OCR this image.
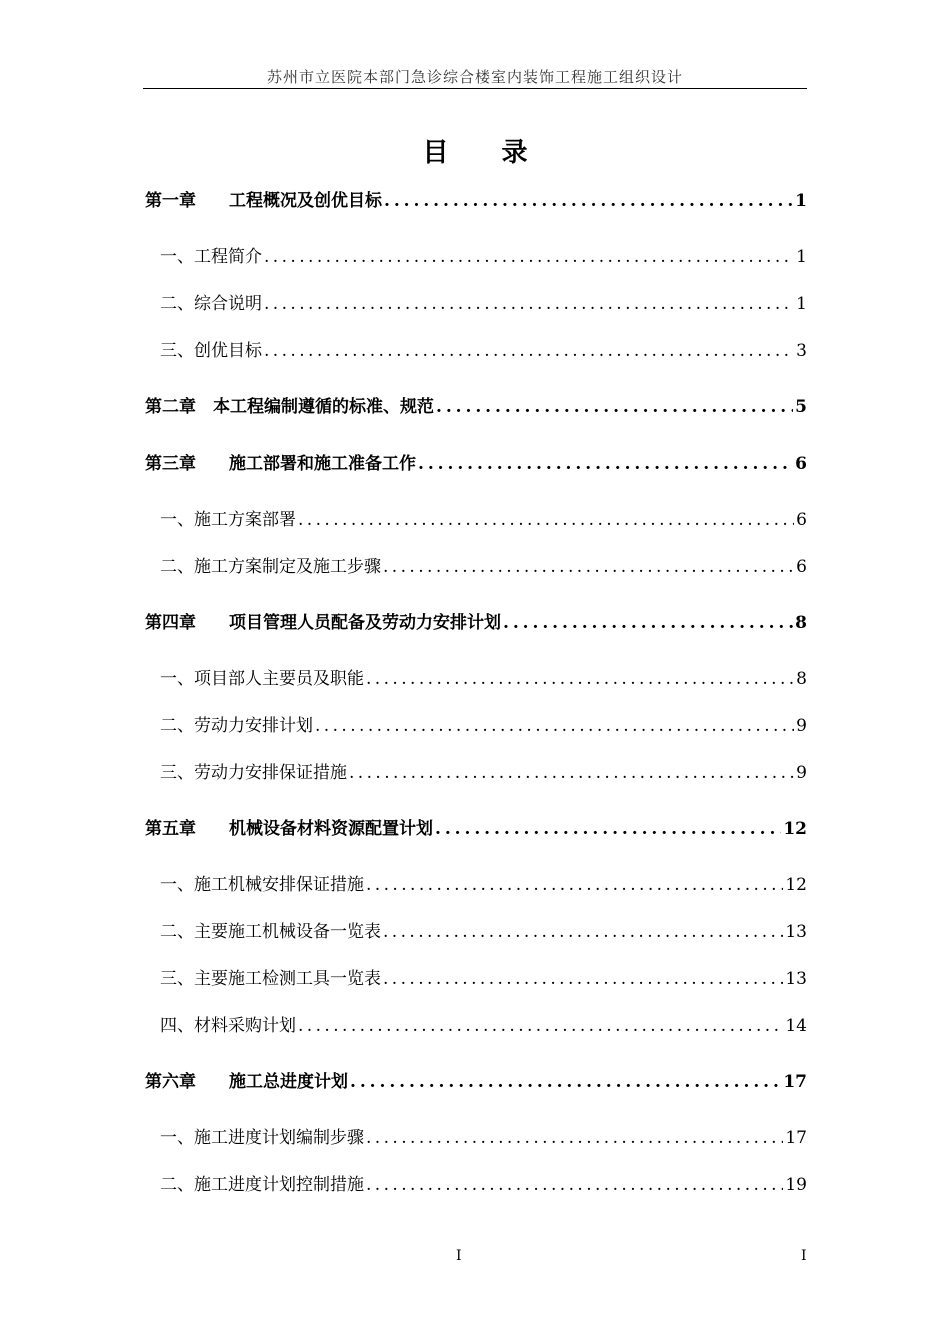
苏州市立医院本部门急诊综合楼室内装饰工程施工组织设计
目 录
第一章 工程概况及创优目标 . . .	1
一、工程简介 . . .	1
二、综合说明 . . .	1
三、创优目标 . . .	3
第二章 本工程编制遵循的标准、规范 . . .	5
第三章 施工部署和施工准备工作 . . .	6
一、施工方案部署 . . .	6
二、施工方案制定及施工步骤 . . .	6
第四章 项目管理人员配备及劳动力安排计划 . . .	8
一、项目部人主要员及职能 . . .	8
二、劳动力安排计划 . . .	9
三、劳动力安排保证措施 . . .	9
第五章 机械设备材料资源配置计划 . . .	12
一、施工机械安排保证措施 . . .	12
二、主要施工机械设备一览表 . . .	13
三、主要施工检测工具一览表 . . .	13
四、材料采购计划 . . .	14
第六章 施工总进度计划 . . .	17
一、施工进度计划编制步骤 . . .	17
二、施工进度计划控制措施 . . .	19
I	I
